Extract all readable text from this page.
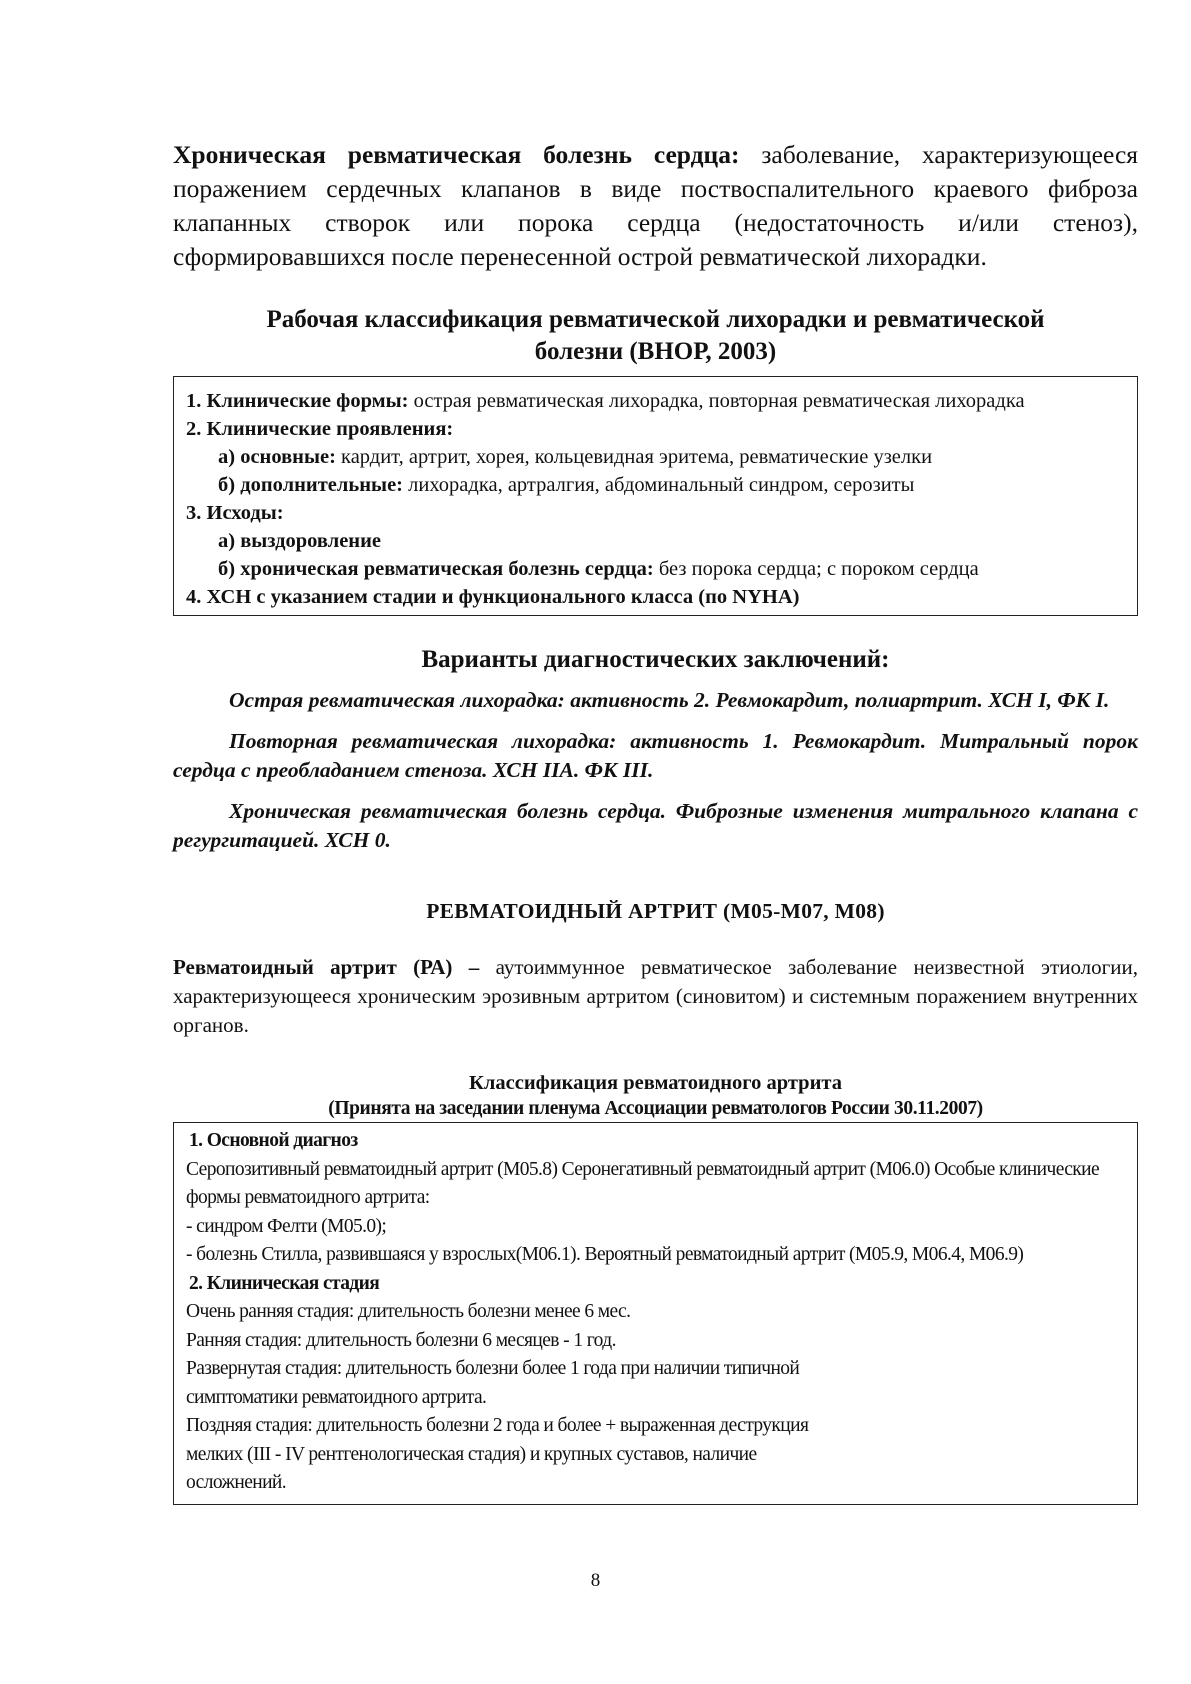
Хроническая ревматическая болезнь сердца: заболевание, характеризующееся поражением сердечных клапанов в виде поствоспалительного краевого фиброза клапанных створок или порока сердца (недостаточность и/или стеноз), сформировавшихся после перенесенной острой ревматической лихорадки.

Рабочая классификация ревматической лихорадки и ревматической
болезни (ВНОР, 2003)

1. Клинические формы: острая ревматическая лихорадка, повторная ревматическая лихорадка

2. Клинические проявления:

а) основные: кардит, артрит, хорея, кольцевидная эритема, ревматические узелки

б) дополнительные: лихорадка, артралгия, абдоминальный синдром, серозиты

3. Исходы:

а) выздоровление

б) хроническая ревматическая болезнь сердца: без порока сердца; с пороком сердца

4. ХСН с указанием стадии и функционального класса (по NYHA)

Варианты диагностических заключений:

Острая ревматическая лихорадка: активность 2. Ревмокардит, полиартрит. ХСН I, ФК I.

Повторная ревматическая лихорадка: активность 1. Ревмокардит. Митральный порок сердца с преобладанием стеноза. ХСН IIА. ФК III.

Хроническая ревматическая болезнь сердца. Фиброзные изменения митрального клапана с регургитацией. ХСН 0.

РЕВМАТОИДНЫЙ АРТРИТ (М05-М07, М08)

Ревматоидный артрит (РА) – аутоиммунное ревматическое заболевание неизвестной этиологии, характеризующееся хроническим эрозивным артритом (синовитом) и системным поражением внутренних органов.

Классификация ревматоидного артрита
(Принята на заседании пленума Ассоциации ревматологов России 30.11.2007)

1. Основной диагноз

Серопозитивный ревматоидный артрит (М05.8) Серонегативный ревматоидный артрит (М06.0) Особые клинические формы ревматоидного артрита:

- синдром Фелти (М05.0);

- болезнь Стилла, развившаяся у взрослых(М06.1). Вероятный ревматоидный артрит (М05.9, М06.4, М06.9)

2. Клиническая стадия

Очень ранняя стадия: длительность болезни менее 6 мес.

Ранняя стадия: длительность болезни 6 месяцев - 1 год.

Развернутая стадия: длительность болезни более 1 года при наличии типичной

симптоматики ревматоидного артрита.

Поздняя стадия: длительность болезни 2 года и более + выраженная деструкция

мелких (III - IV рентгенологическая стадия) и крупных суставов, наличие

осложнений.

8
